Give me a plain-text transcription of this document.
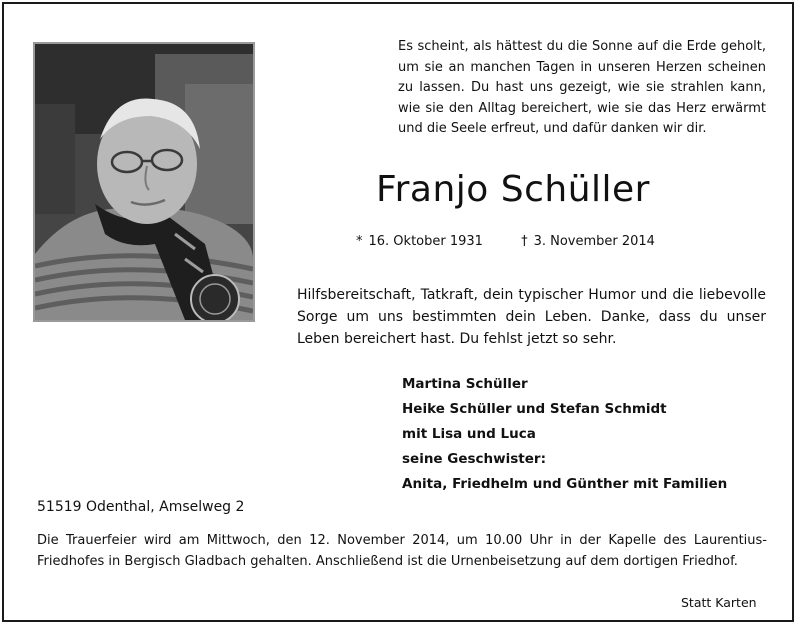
Es scheint, als hättest du die Sonne auf die Erde geholt, um sie an manchen Tagen in unseren Herzen scheinen zu lassen. Du hast uns gezeigt, wie sie strahlen kann, wie sie den Alltag bereichert, wie sie das Herz erwärmt und die Seele erfreut, und dafür danken wir dir.

Franjo Schüller
* 16. Oktober 1931	† 3. November 2014

Hilfsbereitschaft, Tatkraft, dein typischer Humor und die liebevolle Sorge um uns bestimmten dein Leben. Danke, dass du unser Leben bereichert hast. Du fehlst jetzt so sehr.

Martina Schüller
Heike Schüller und Stefan Schmidt
mit Lisa und Luca
seine Geschwister:
Anita, Friedhelm und Günther mit Familien
51519 Odenthal, Amselweg 2

Die Trauerfeier wird am Mittwoch, den 12. November 2014, um 10.00 Uhr in der Kapelle des Laurentius-Friedhofes in Bergisch Gladbach gehalten. Anschließend ist die Urnenbeisetzung auf dem dortigen Friedhof.

Statt Karten
